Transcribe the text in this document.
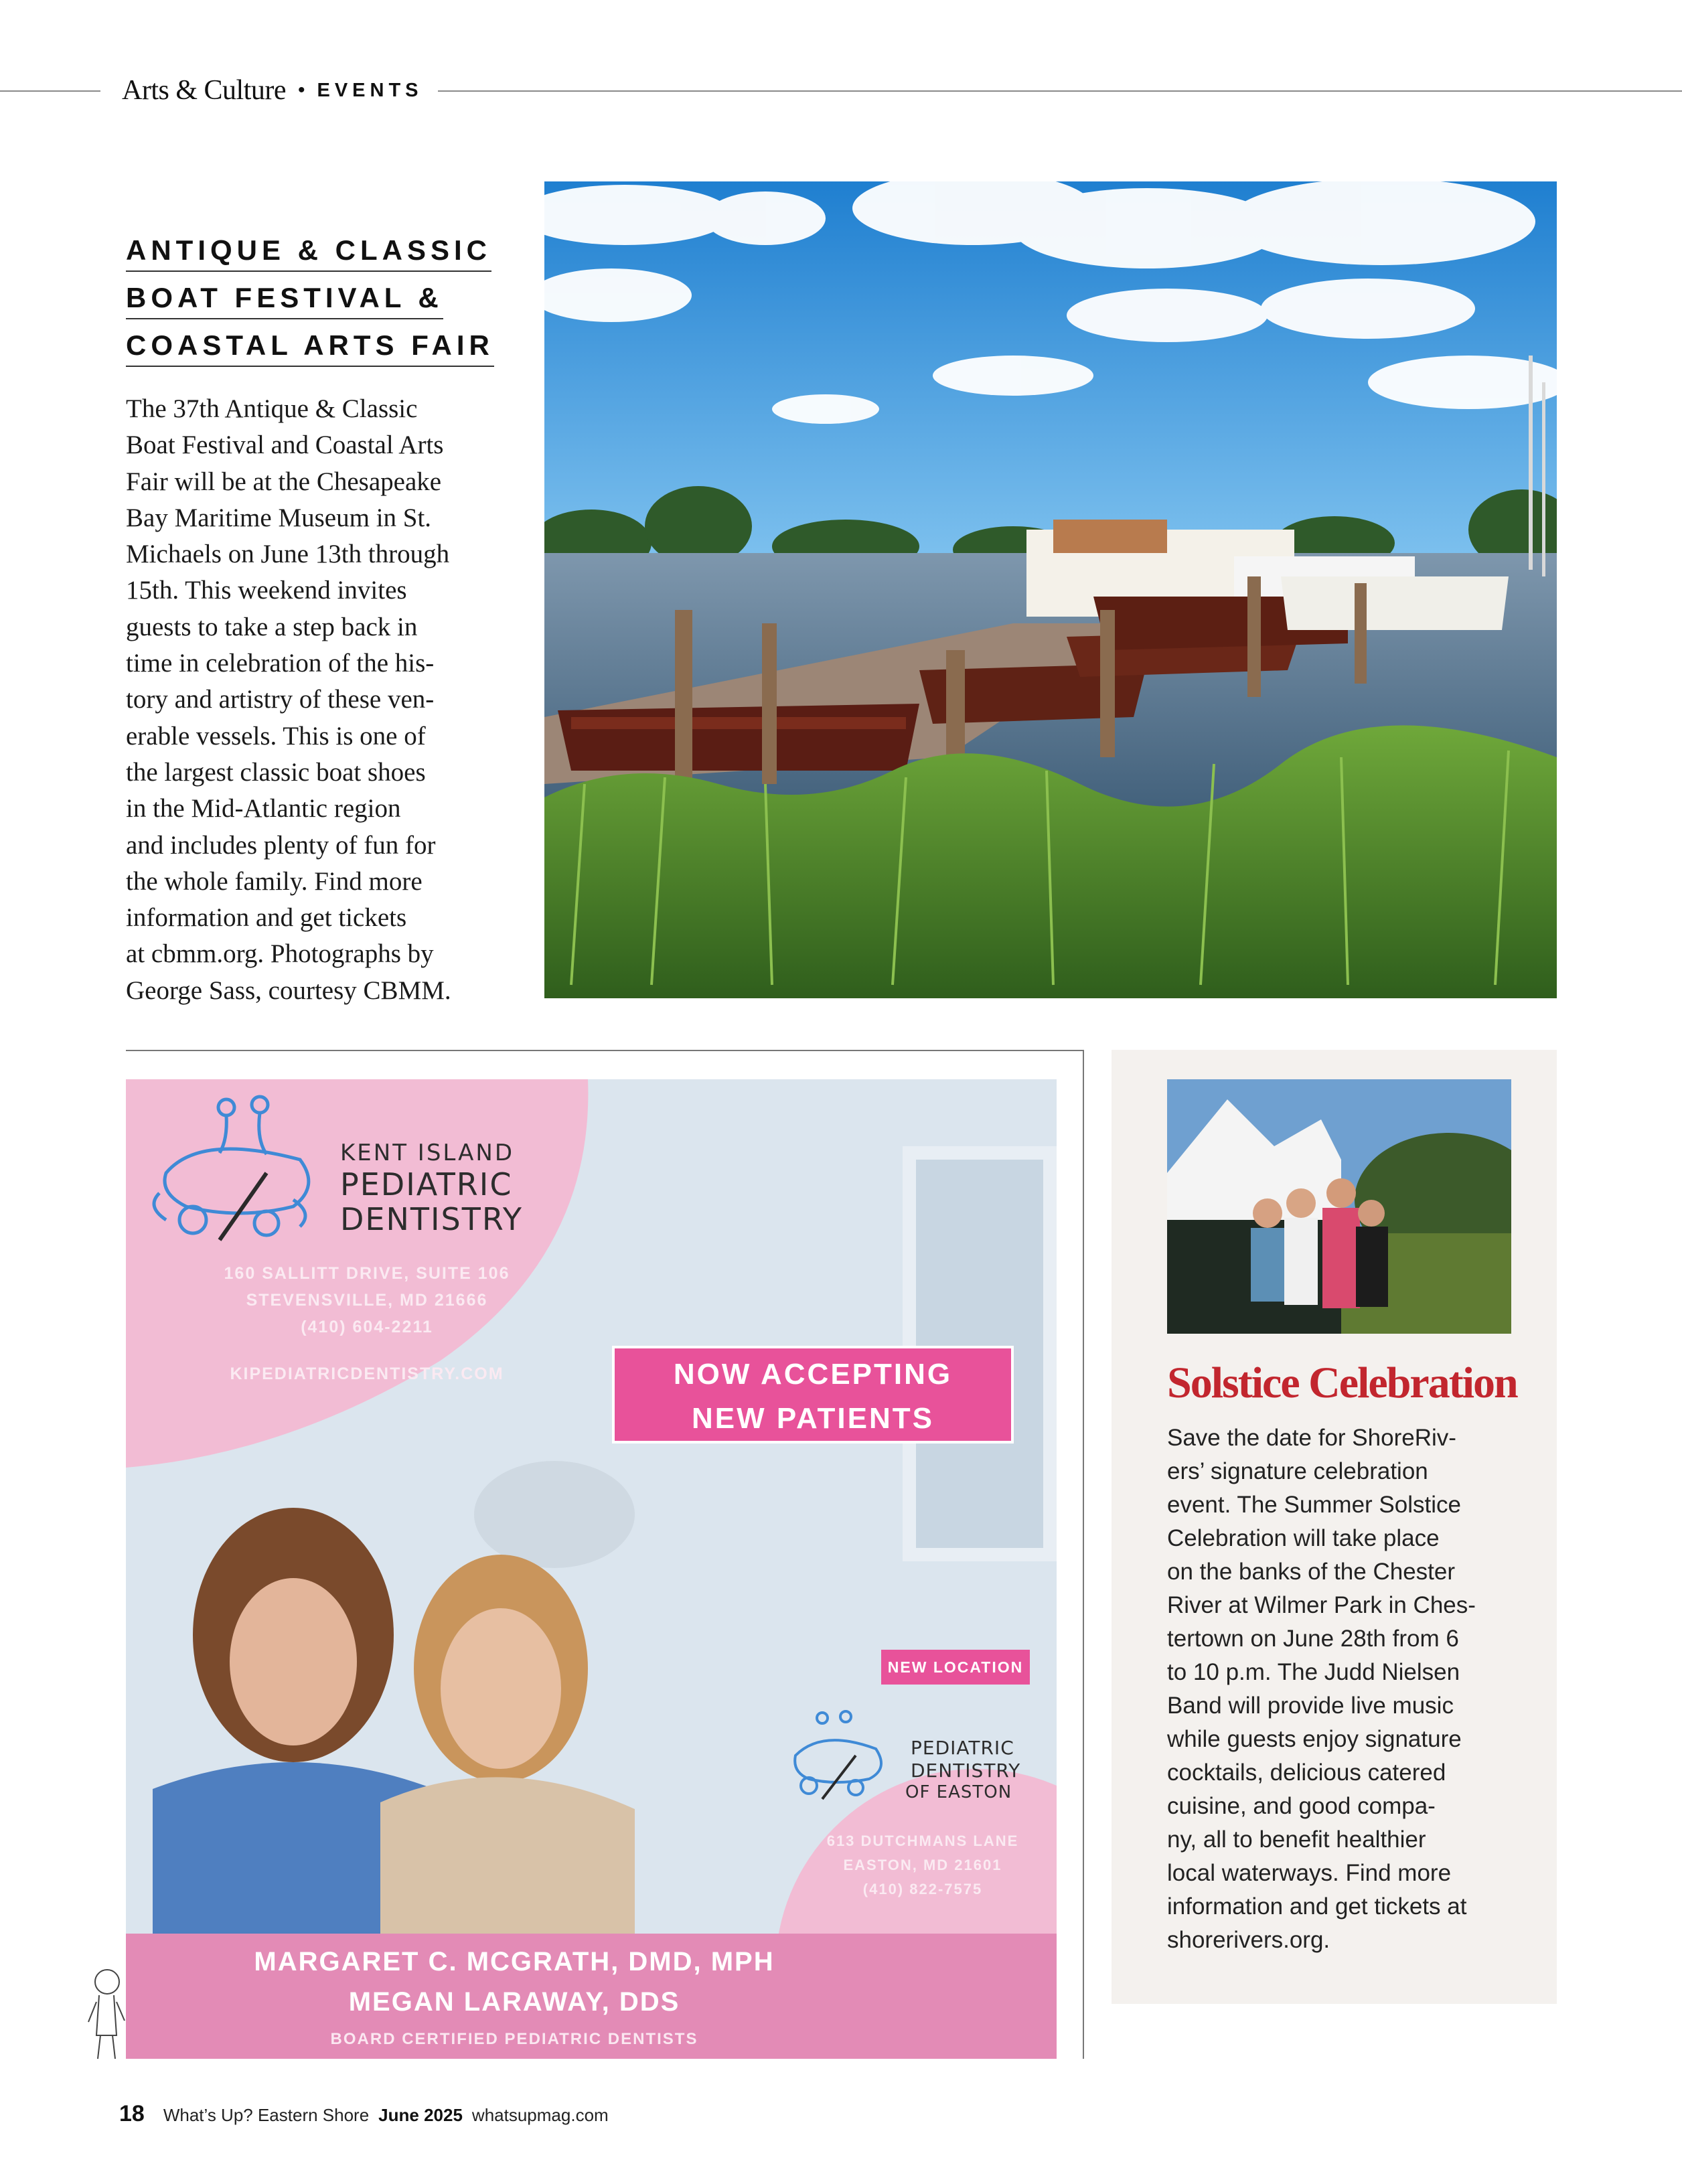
Arts & Culture • EVENTS
ANTIQUE & CLASSIC
BOAT FESTIVAL &
COASTAL ARTS FAIR
The 37th Antique & Classic
Boat Festival and Coastal Arts
Fair will be at the Chesapeake
Bay Maritime Museum in St.
Michaels on June 13th through
15th. This weekend invites
guests to take a step back in
time in celebration of the his-
tory and artistry of these ven-
erable vessels. This is one of
the largest classic boat shoes
in the Mid-Atlantic region
and includes plenty of fun for
the whole family. Find more
information and get tickets
at cbmm.org. Photographs by
George Sass, courtesy CBMM.
KENT ISLAND
PEDIATRIC
DENTISTRY
160 SALLITT DRIVE, SUITE 106
STEVENSVILLE, MD 21666
(410) 604-2211
KIPEDIATRICDENTISTRY.COM	NOW ACCEPTING
NEW PATIENTS
NEW LOCATION
PEDIATRIC
DENTISTRY
OF EASTON
613 DUTCHMANS LANE
EASTON, MD 21601
(410) 822-7575
MARGARET C. MCGRATH, DMD, MPH
MEGAN LARAWAY, DDS
BOARD CERTIFIED PEDIATRIC DENTISTS
Solstice Celebration
Save the date for ShoreRiv-
ers’ signature celebration
event. The Summer Solstice
Celebration will take place
on the banks of the Chester
River at Wilmer Park in Ches-
tertown on June 28th from 6
to 10 p.m. The Judd Nielsen
Band will provide live music
while guests enjoy signature
cocktails, delicious catered
cuisine, and good compa-
ny, all to benefit healthier
local waterways. Find more
information and get tickets at
shorerivers.org.
18 What’s Up? Eastern Shore June 2025 whatsupmag.com
